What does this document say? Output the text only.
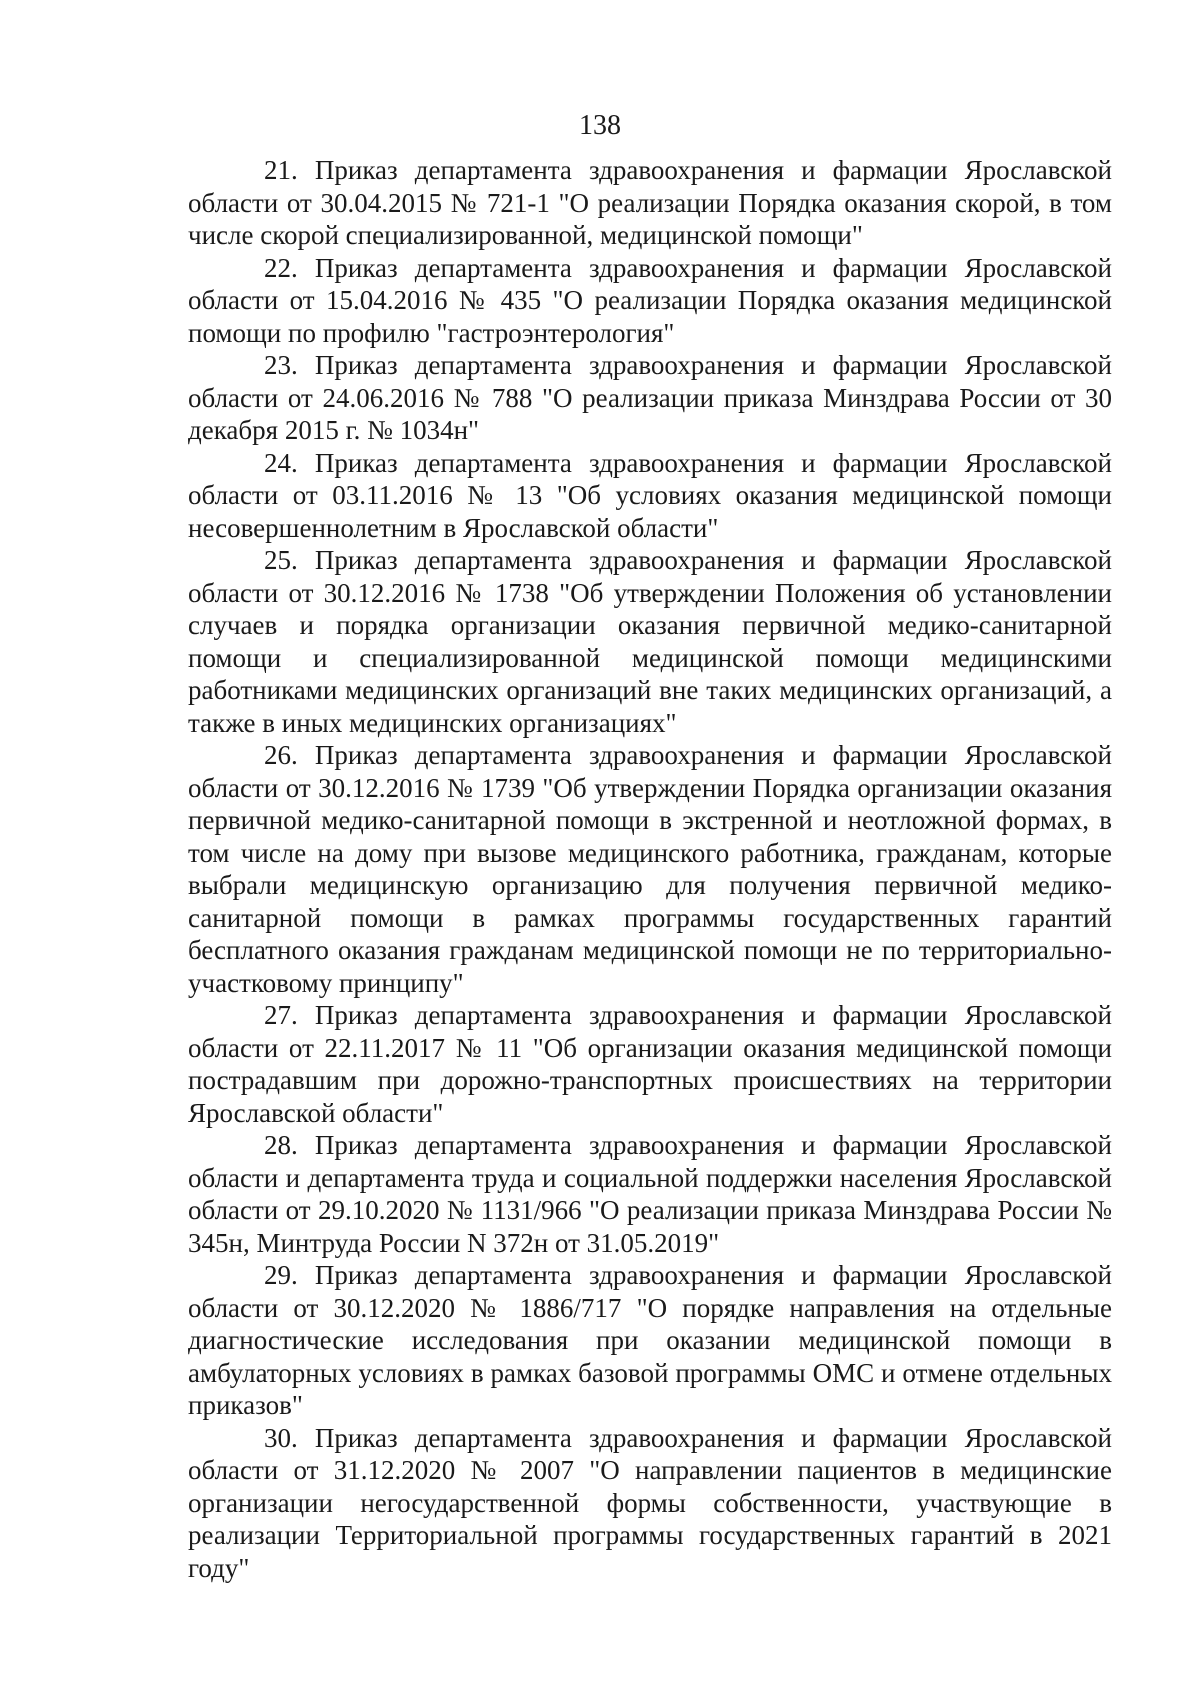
138

21. Приказ департамента здравоохранения и фармации Ярославской области от 30.04.2015 № 721-1 "О реализации Порядка оказания скорой, в том числе скорой специализированной, медицинской помощи"

22. Приказ департамента здравоохранения и фармации Ярославской области от 15.04.2016 № 435 "О реализации Порядка оказания медицинской помощи по профилю "гастроэнтерология"

23. Приказ департамента здравоохранения и фармации Ярославской области от 24.06.2016 № 788 "О реализации приказа Минздрава России от 30 декабря 2015 г. № 1034н"

24. Приказ департамента здравоохранения и фармации Ярославской области от 03.11.2016 № 13 "Об условиях оказания медицинской помощи несовершеннолетним в Ярославской области"

25. Приказ департамента здравоохранения и фармации Ярославской области от 30.12.2016 № 1738 "Об утверждении Положения об установлении случаев и порядка организации оказания первичной медико-санитарной помощи и специализированной медицинской помощи медицинскими работниками медицинских организаций вне таких медицинских организаций, а также в иных медицинских организациях"

26. Приказ департамента здравоохранения и фармации Ярославской области от 30.12.2016 № 1739 "Об утверждении Порядка организации оказания первичной медико-санитарной помощи в экстренной и неотложной формах, в том числе на дому при вызове медицинского работника, гражданам, которые выбрали медицинскую организацию для получения первичной медико-санитарной помощи в рамках программы государственных гарантий бесплатного оказания гражданам медицинской помощи не по территориально-участковому принципу"

27. Приказ департамента здравоохранения и фармации Ярославской области от 22.11.2017 № 11 "Об организации оказания медицинской помощи пострадавшим при дорожно-транспортных происшествиях на территории Ярославской области"

28. Приказ департамента здравоохранения и фармации Ярославской области и департамента труда и социальной поддержки населения Ярославской области от 29.10.2020 № 1131/966 "О реализации приказа Минздрава России № 345н, Минтруда России N 372н от 31.05.2019"

29. Приказ департамента здравоохранения и фармации Ярославской области от 30.12.2020 № 1886/717 "О порядке направления на отдельные диагностические исследования при оказании медицинской помощи в амбулаторных условиях в рамках базовой программы ОМС и отмене отдельных приказов"

30. Приказ департамента здравоохранения и фармации Ярославской области от 31.12.2020 № 2007 "О направлении пациентов в медицинские организации негосударственной формы собственности, участвующие в реализации Территориальной программы государственных гарантий в 2021 году"
